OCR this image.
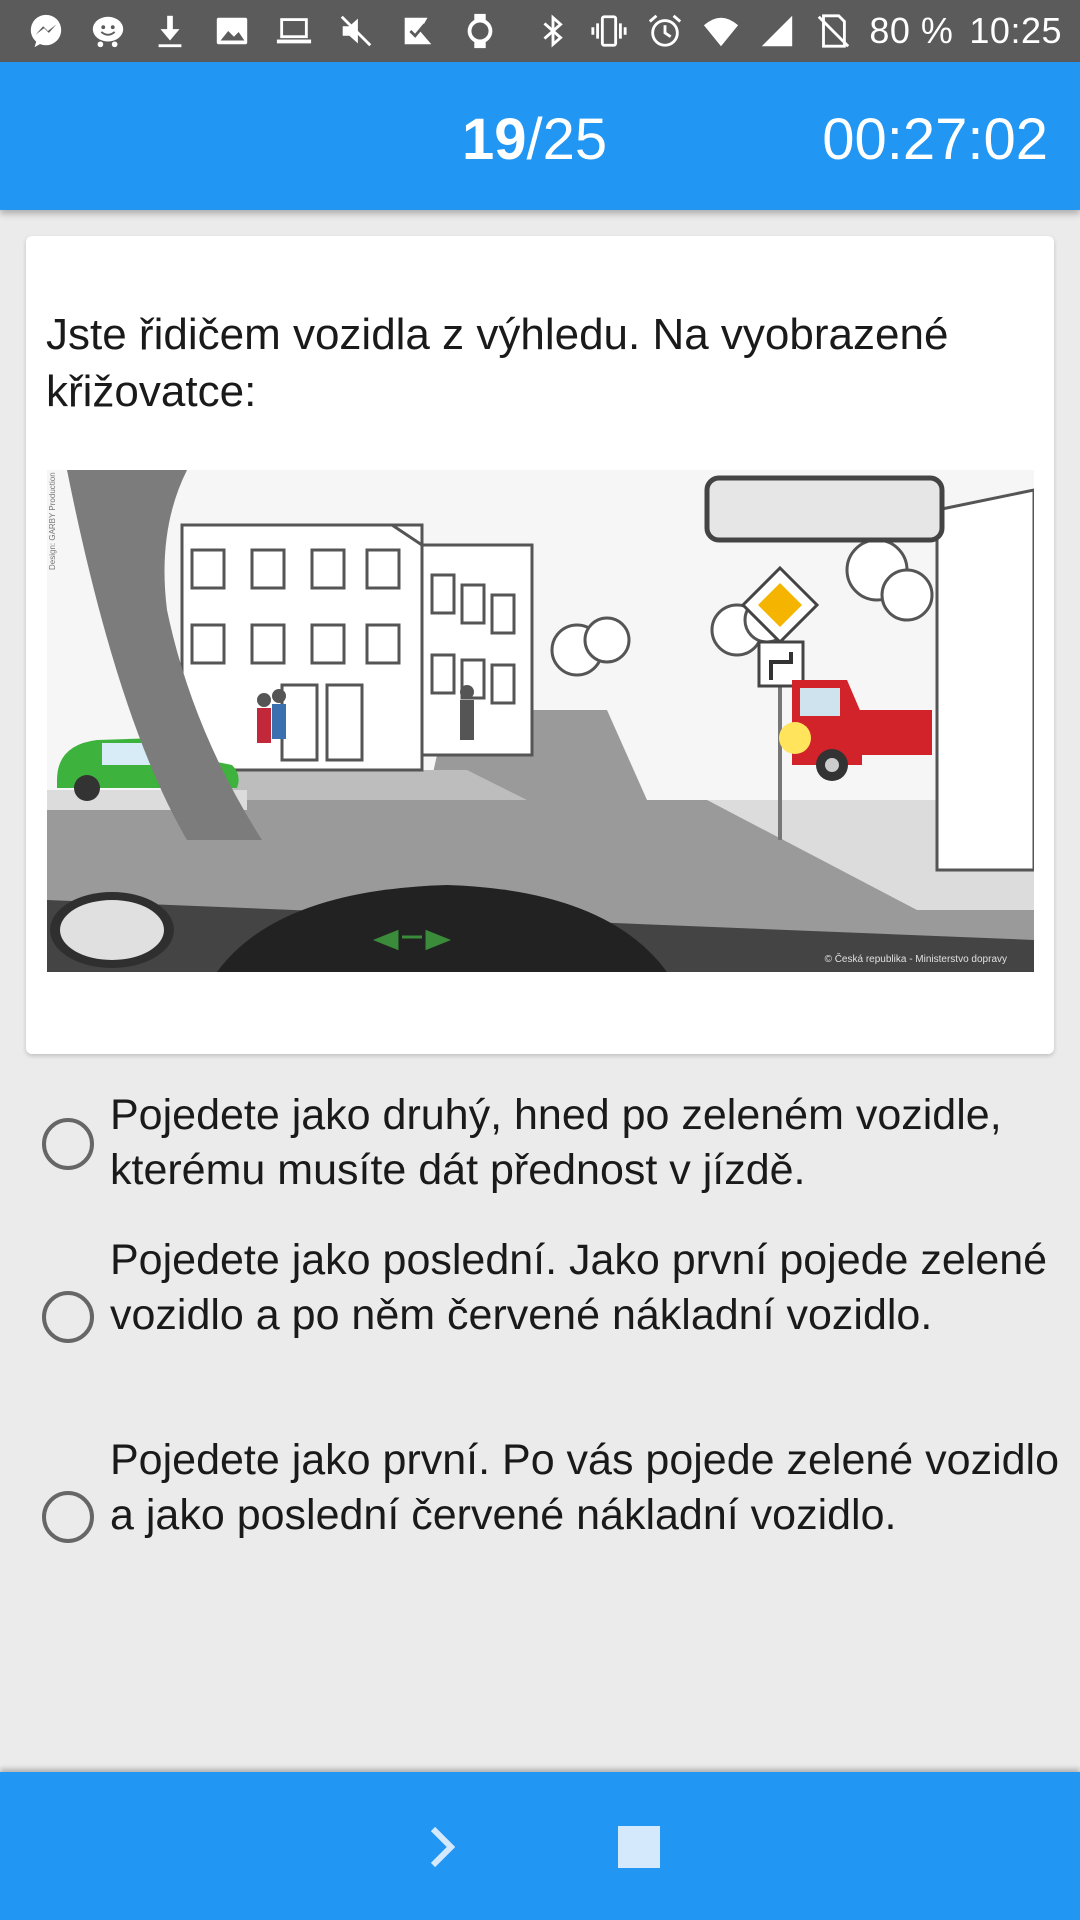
80 % 10:25
19/25	00:27:02
Jste řidičem vozidla z výhledu. Na vyobrazené křižovatce:
© Česká republika - Ministerstvo dopravy
Design: GARBY Production
Pojedete jako druhý, hned po zeleném vozidle, kterému musíte dát přednost v jízdě.
Pojedete jako poslední. Jako první pojede zelené vozidlo a po něm červené nákladní vozidlo.
Pojedete jako první. Po vás pojede zelené vozidlo a jako poslední červené nákladní vozidlo.
